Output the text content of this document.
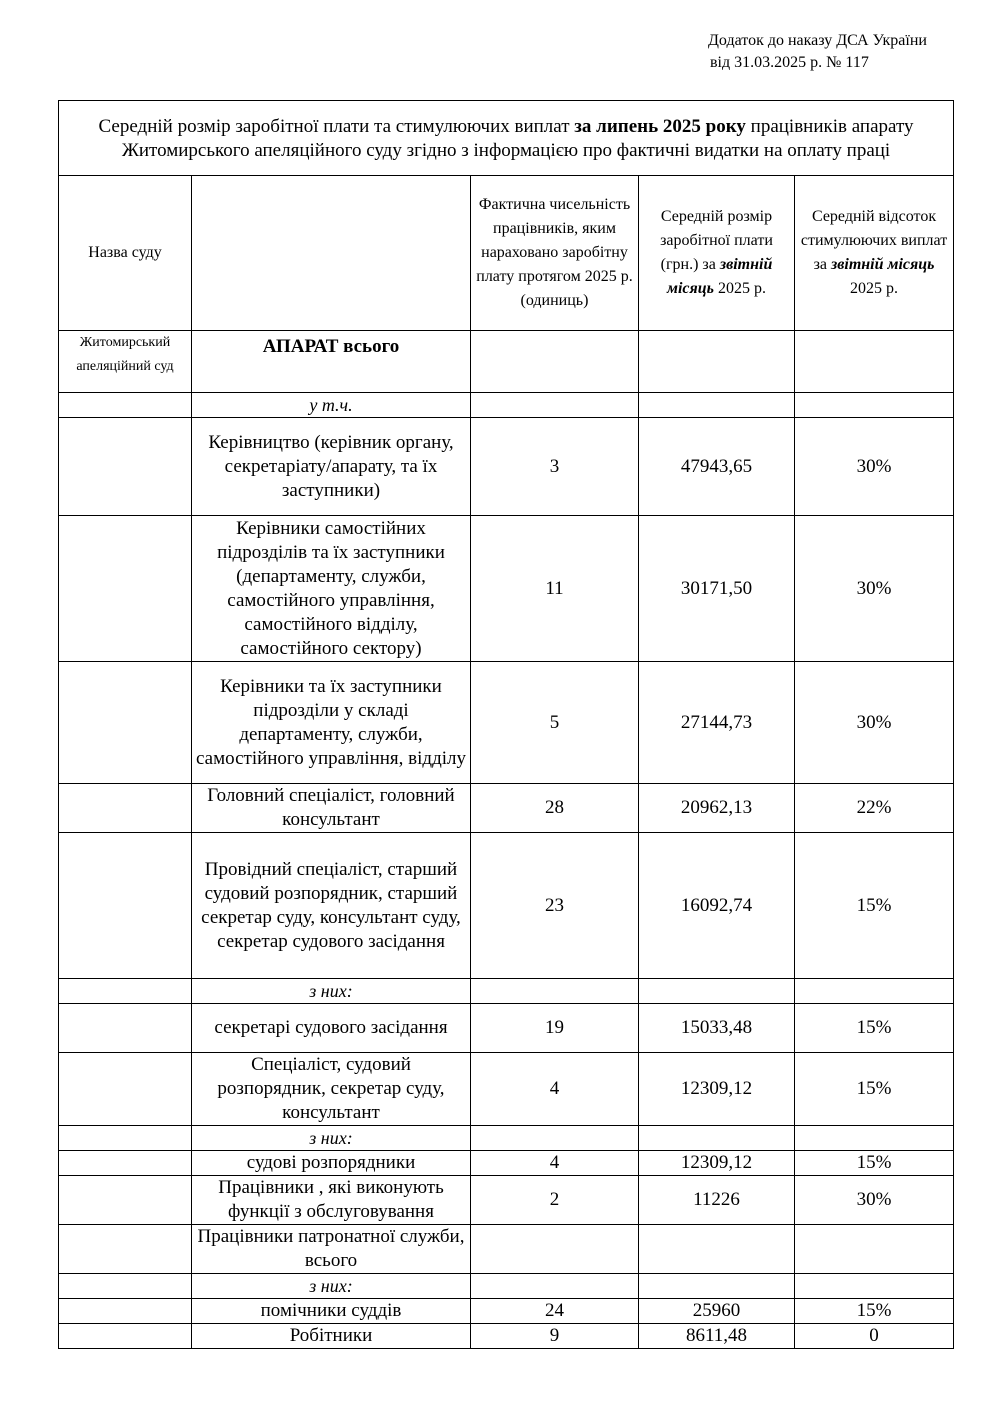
Додаток до наказу ДСА України
від 31.03.2025 р. № 117
Середній розмір заробітної плати та стимулюючих виплат за липень 2025 року працівників апарату Житомирського апеляційного суду згідно з інформацією про фактичні видатки на оплату праці				
Назва суду		Фактична чисельність працівників, яким нараховано заробітну плату протягом 2025 р. (одиниць)	Середній розмір заробітної плати (грн.) за звітній місяць 2025 р.	Середній відсоток стимулюючих виплат за звітній місяць 2025 р.
Житомирський апеляційний суд	АПАРАТ всього			
	у т.ч.			
	Керівництво (керівник органу, секретаріату/апарату, та їх заступники)	3	47943,65	30%
	Керівники самостійних підрозділів та їх заступники (департаменту, служби, самостійного управління, самостійного відділу, самостійного сектору)	11	30171,50	30%
	Керівники та їх заступники підрозділи у складі департаменту, служби, самостійного управління, відділу	5	27144,73	30%
	Головний спеціаліст, головний консультант	28	20962,13	22%
	Провідний спеціаліст, старший судовий розпорядник, старший секретар суду, консультант суду, секретар судового засідання	23	16092,74	15%
	з них:			
	секретарі судового засідання	19	15033,48	15%
	Спеціаліст, судовий розпорядник, секретар суду, консультант	4	12309,12	15%
	з них:			
	судові розпорядники	4	12309,12	15%
	Працівники , які виконують функції з обслуговування	2	11226	30%
	Працівники патронатної служби, всього			
	з них:			
	помічники суддів	24	25960	15%
	Робітники	9	8611,48	0
